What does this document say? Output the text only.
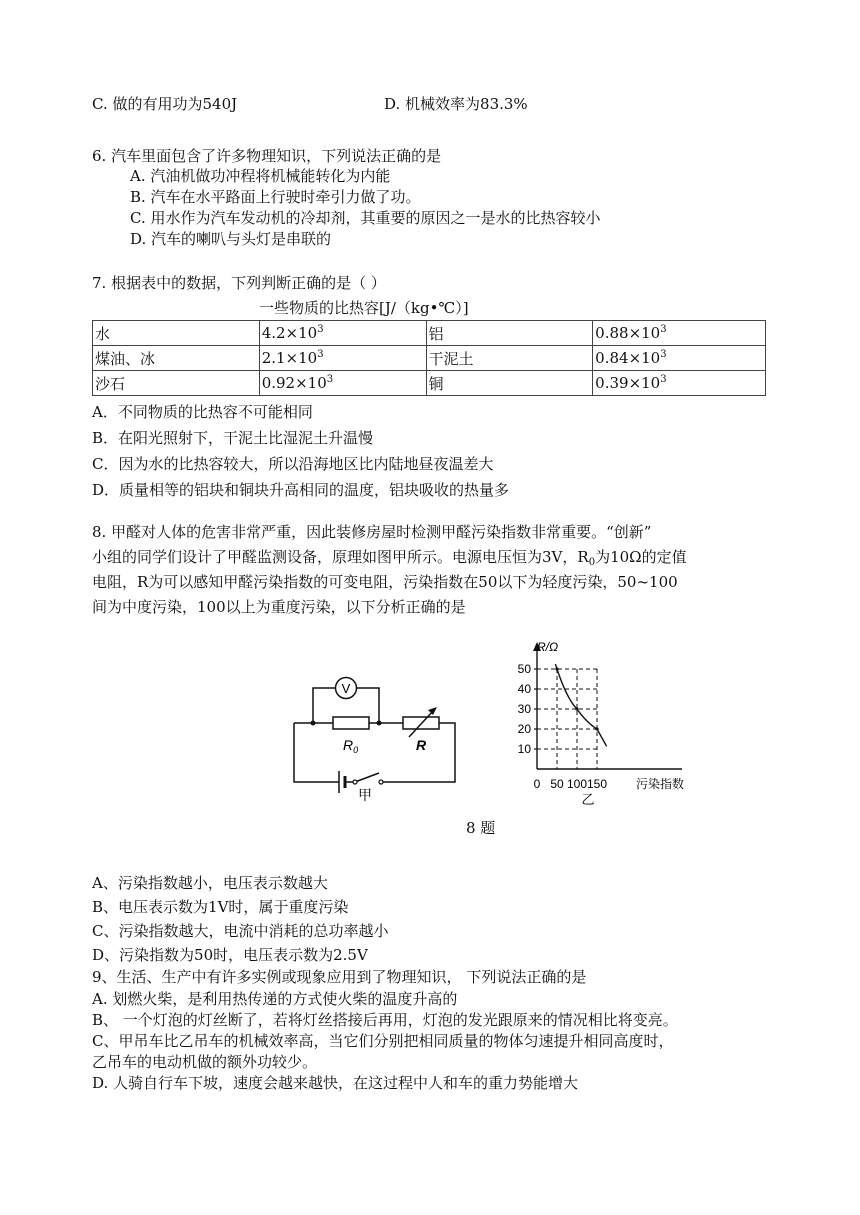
C. 做的有用功为540J	D. 机械效率为83.3%
6. 汽车里面包含了许多物理知识，下列说法正确的是
A. 汽油机做功冲程将机械能转化为内能
B. 汽车在水平路面上行驶时牵引力做了功。
C. 用水作为汽车发动机的冷却剂，其重要的原因之一是水的比热容较小
D. 汽车的喇叭与头灯是串联的
7. 根据表中的数据，下列判断正确的是（ ）
一些物质的比热容[J/（kg•℃）]
水	$4.2\times 10^3$	铝	$0.88\times 10^3$
煤油、冰	$2.1\times 10^3$	干泥土	$0.84\times 10^3$
沙石	$0.92\times 10^3$	铜	$0.39\times 10^3$
A．不同物质的比热容不可能相同
B．在阳光照射下，干泥土比湿泥土升温慢
C．因为水的比热容较大，所以沿海地区比内陆地昼夜温差大
D．质量相等的铝块和铜块升高相同的温度，铝块吸收的热量多
8. 甲醛对人体的危害非常严重，因此装修房屋时检测甲醛污染指数非常重要。“创新”
小组的同学们设计了甲醛监测设备，原理如图甲所示。电源电压恒为3V，$R_0$为10Ω的定值
电阻，R为可以感知甲醛污染指数的可变电阻，污染指数在50以下为轻度污染，50~100
间为中度污染，100以上为重度污染，以下分析正确的是
V
$R_0$	R
甲
R/Ω
污染指数
乙
10
20
30
40
50
0 50 100 150
8 题
A、污染指数越小，电压表示数越大
B、电压表示数为1V时，属于重度污染
C、污染指数越大，电流中消耗的总功率越小
D、污染指数为50时，电压表示数为2.5V
9、生活、生产中有许多实例或现象应用到了物理知识， 下列说法正确的是
A. 划燃火柴，是利用热传递的方式使火柴的温度升高的
B、 一个灯泡的灯丝断了，若将灯丝搭接后再用，灯泡的发光跟原来的情况相比将变亮。
C、甲吊车比乙吊车的机械效率高，当它们分别把相同质量的物体匀速提升相同高度时，
乙吊车的电动机做的额外功较少。
D. 人骑自行车下坡，速度会越来越快，在这过程中人和车的重力势能增大
